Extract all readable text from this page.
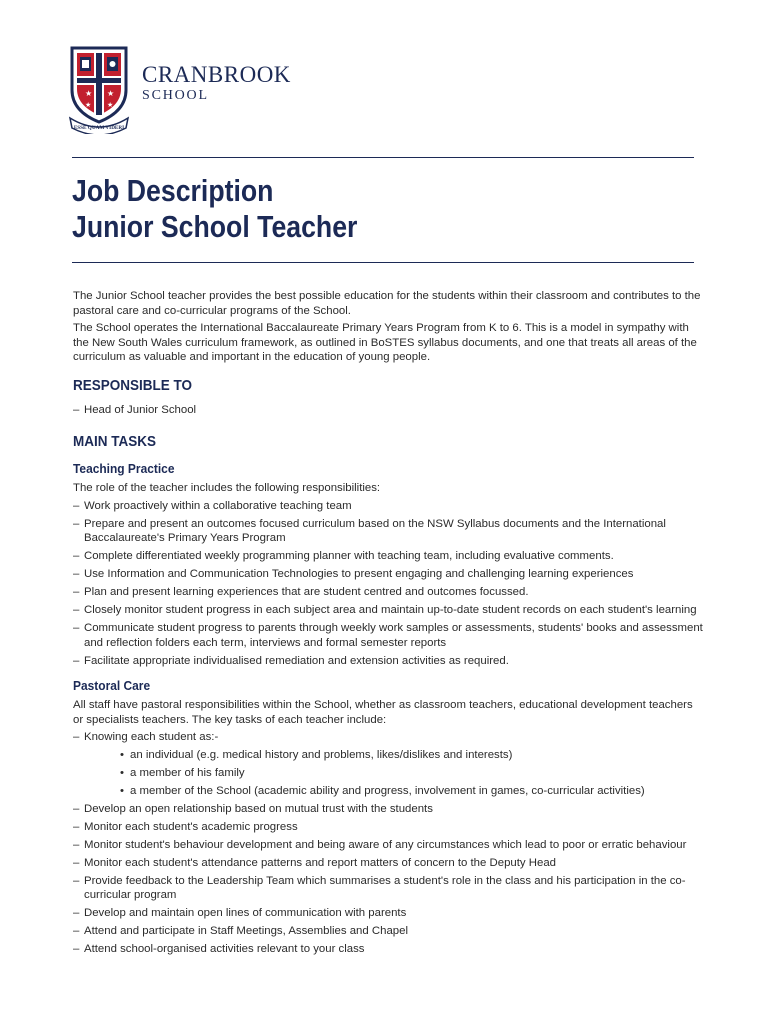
★ ★
★ ★
ESSE QUAM VIDERI
CRANBROOK
SCHOOL
Job Description
Junior School Teacher

The Junior School teacher provides the best possible education for the students within their classroom and contributes to the pastoral care and co-curricular programs of the School.

The School operates the International Baccalaureate Primary Years Program from K to 6. This is a model in sympathy with the New South Wales curriculum framework, as outlined in BoSTES syllabus documents, and one that treats all areas of the curriculum as valuable and important in the education of young people.

RESPONSIBLE TO
– Head of Junior School
MAIN TASKS
Teaching Practice

The role of the teacher includes the following responsibilities:

– Work proactively within a collaborative teaching team
– Prepare and present an outcomes focused curriculum based on the NSW Syllabus documents and the International Baccalaureate's Primary Years Program
– Complete differentiated weekly programming planner with teaching team, including evaluative comments.
– Use Information and Communication Technologies to present engaging and challenging learning experiences
– Plan and present learning experiences that are student centred and outcomes focussed.
– Closely monitor student progress in each subject area and maintain up-to-date student records on each student's learning
– Communicate student progress to parents through weekly work samples or assessments, students' books and assessment and reflection folders each term, interviews and formal semester reports
– Facilitate appropriate individualised remediation and extension activities as required.
Pastoral Care

All staff have pastoral responsibilities within the School, whether as classroom teachers, educational development teachers or specialists teachers. The key tasks of each teacher include:

– Knowing each student as:-
• an individual (e.g. medical history and problems, likes/dislikes and interests)
• a member of his family
• a member of the School (academic ability and progress, involvement in games, co-curricular activities)
– Develop an open relationship based on mutual trust with the students
– Monitor each student's academic progress
– Monitor student's behaviour development and being aware of any circumstances which lead to poor or erratic behaviour
– Monitor each student's attendance patterns and report matters of concern to the Deputy Head
– Provide feedback to the Leadership Team which summarises a student's role in the class and his participation in the co-curricular program
– Develop and maintain open lines of communication with parents
– Attend and participate in Staff Meetings, Assemblies and Chapel
– Attend school-organised activities relevant to your class
